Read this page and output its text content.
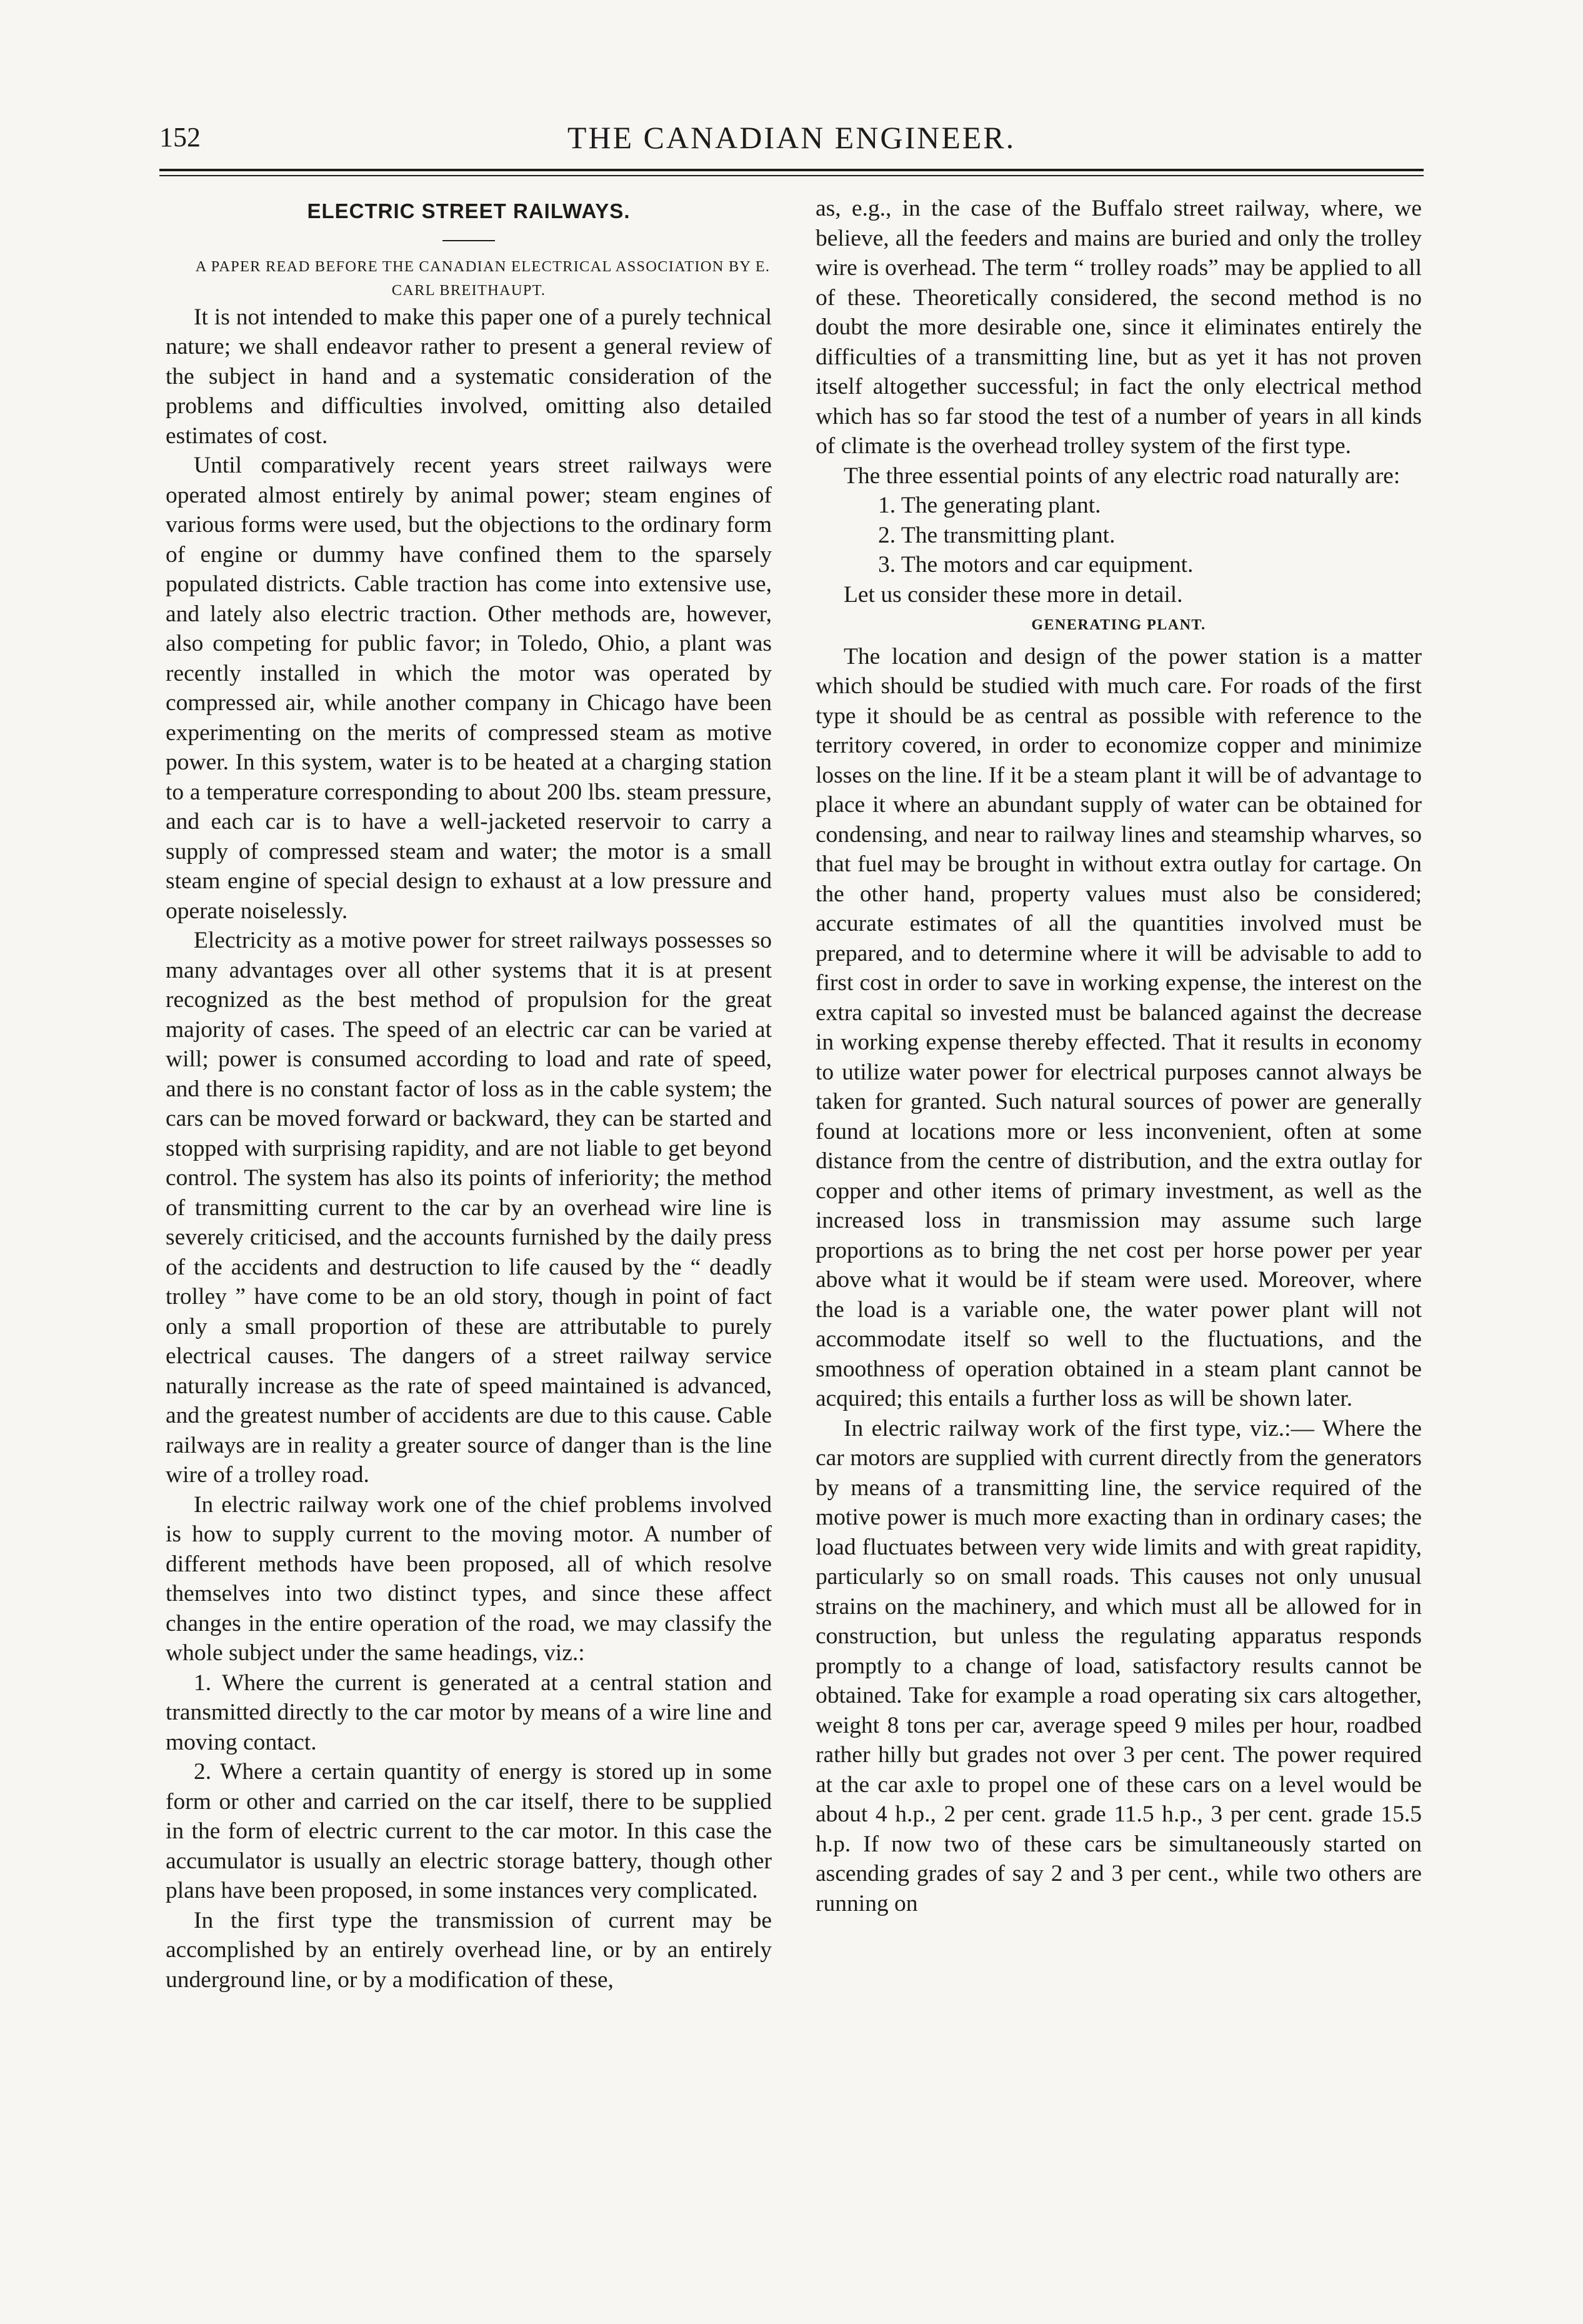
152	THE CANADIAN ENGINEER.
ELECTRIC STREET RAILWAYS.

A PAPER READ BEFORE THE CANADIAN ELECTRICAL ASSOCIATION BY E. CARL BREITHAUPT.

It is not intended to make this paper one of a purely technical nature; we shall endeavor rather to present a general review of the subject in hand and a systematic consideration of the problems and difficulties involved, omitting also detailed estimates of cost.

Until comparatively recent years street railways were operated almost entirely by animal power; steam engines of various forms were used, but the objections to the ordinary form of engine or dummy have confined them to the sparsely populated districts. Cable traction has come into extensive use, and lately also electric traction. Other methods are, however, also competing for public favor; in Toledo, Ohio, a plant was recently installed in which the motor was operated by compressed air, while another company in Chicago have been experimenting on the merits of compressed steam as motive power. In this system, water is to be heated at a charging station to a temperature corresponding to about 200 lbs. steam pressure, and each car is to have a well-jacketed reservoir to carry a supply of compressed steam and water; the motor is a small steam engine of special design to exhaust at a low pressure and operate noiselessly.

Electricity as a motive power for street railways possesses so many advantages over all other systems that it is at present recognized as the best method of propulsion for the great majority of cases. The speed of an electric car can be varied at will; power is consumed according to load and rate of speed, and there is no constant factor of loss as in the cable system; the cars can be moved forward or backward, they can be started and stopped with surprising rapidity, and are not liable to get beyond control. The system has also its points of inferiority; the method of transmitting current to the car by an overhead wire line is severely criticised, and the accounts furnished by the daily press of the accidents and destruction to life caused by the “ deadly trolley ” have come to be an old story, though in point of fact only a small proportion of these are attributable to purely electrical causes. The dangers of a street railway service naturally increase as the rate of speed maintained is advanced, and the greatest number of accidents are due to this cause. Cable railways are in reality a greater source of danger than is the line wire of a trolley road.

In electric railway work one of the chief problems involved is how to supply current to the moving motor. A number of different methods have been proposed, all of which resolve themselves into two distinct types, and since these affect changes in the entire operation of the road, we may classify the whole subject under the same headings, viz.:

1. Where the current is generated at a central station and transmitted directly to the car motor by means of a wire line and moving contact.

2. Where a certain quantity of energy is stored up in some form or other and carried on the car itself, there to be supplied in the form of electric current to the car motor. In this case the accumulator is usually an electric storage battery, though other plans have been proposed, in some instances very complicated.

In the first type the transmission of current may be accomplished by an entirely overhead line, or by an entirely underground line, or by a modification of these,

as, e.g., in the case of the Buffalo street railway, where, we believe, all the feeders and mains are buried and only the trolley wire is overhead. The term “ trolley roads” may be applied to all of these. Theoretically considered, the second method is no doubt the more desirable one, since it eliminates entirely the difficulties of a transmitting line, but as yet it has not proven itself altogether successful; in fact the only electrical method which has so far stood the test of a number of years in all kinds of climate is the overhead trolley system of the first type.

The three essential points of any electric road naturally are:

1. The generating plant.

2. The transmitting plant.

3. The motors and car equipment.

Let us consider these more in detail.

GENERATING PLANT.

The location and design of the power station is a matter which should be studied with much care. For roads of the first type it should be as central as possible with reference to the territory covered, in order to economize copper and minimize losses on the line. If it be a steam plant it will be of advantage to place it where an abundant supply of water can be obtained for condensing, and near to railway lines and steamship wharves, so that fuel may be brought in without extra outlay for cartage. On the other hand, property values must also be considered; accurate estimates of all the quantities involved must be prepared, and to determine where it will be advisable to add to first cost in order to save in working expense, the interest on the extra capital so invested must be balanced against the decrease in working expense thereby effected. That it results in economy to utilize water power for electrical purposes cannot always be taken for granted. Such natural sources of power are generally found at locations more or less inconvenient, often at some distance from the centre of distribution, and the extra outlay for copper and other items of primary investment, as well as the increased loss in transmission may assume such large proportions as to bring the net cost per horse power per year above what it would be if steam were used. Moreover, where the load is a variable one, the water power plant will not accommodate itself so well to the fluctuations, and the smoothness of operation obtained in a steam plant cannot be acquired; this entails a further loss as will be shown later.

In electric railway work of the first type, viz.:— Where the car motors are supplied with current directly from the generators by means of a transmitting line, the service required of the motive power is much more exacting than in ordinary cases; the load fluctuates between very wide limits and with great rapidity, particularly so on small roads. This causes not only unusual strains on the machinery, and which must all be allowed for in construction, but unless the regulating apparatus responds promptly to a change of load, satisfactory results cannot be obtained. Take for example a road operating six cars altogether, weight 8 tons per car, average speed 9 miles per hour, roadbed rather hilly but grades not over 3 per cent. The power required at the car axle to propel one of these cars on a level would be about 4 h.p., 2 per cent. grade 11.5 h.p., 3 per cent. grade 15.5 h.p. If now two of these cars be simultaneously started on ascending grades of say 2 and 3 per cent., while two others are running on
